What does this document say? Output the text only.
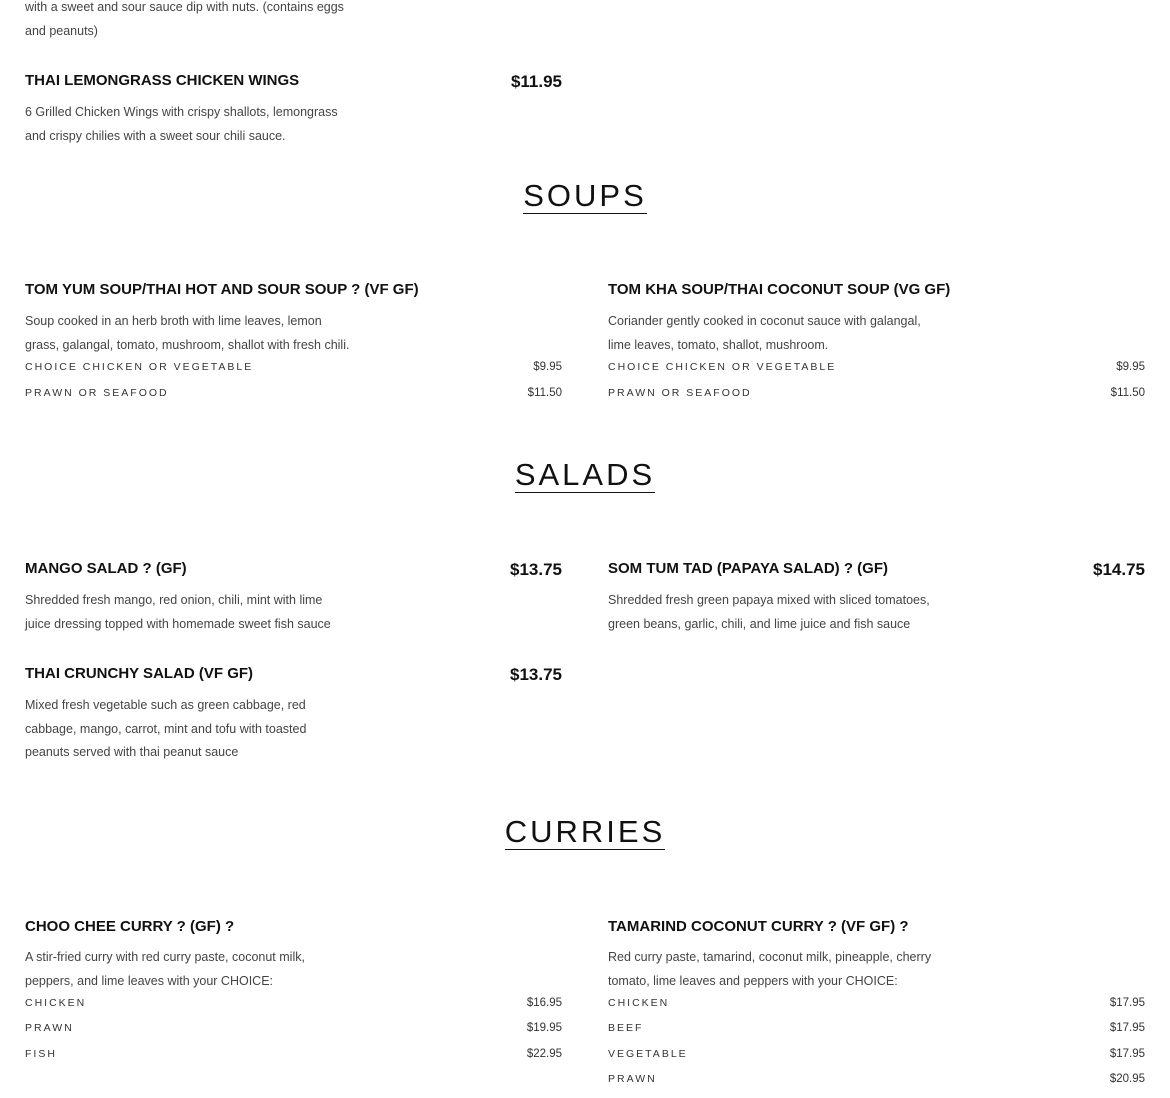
with a sweet and sour sauce dip with nuts. (contains eggs
and peanuts)
THAI LEMONGRASS CHICKEN WINGS	$11.95
6 Grilled Chicken Wings with crispy shallots, lemongrass
and crispy chilies with a sweet sour chili sauce.
SOUPS
TOM YUM SOUP/THAI HOT AND SOUR SOUP ? (VF GF)
Soup cooked in an herb broth with lime leaves, lemon
grass, galangal, tomato, mushroom, shallot with fresh chili.
CHOICE CHICKEN OR VEGETABLE	$9.95
PRAWN OR SEAFOOD	$11.50
TOM KHA SOUP/THAI COCONUT SOUP (VG GF)
Coriander gently cooked in coconut sauce with galangal,
lime leaves, tomato, shallot, mushroom.
CHOICE CHICKEN OR VEGETABLE	$9.95
PRAWN OR SEAFOOD	$11.50
SALADS
MANGO SALAD ? (GF)	$13.75
Shredded fresh mango, red onion, chili, mint with lime
juice dressing topped with homemade sweet fish sauce
SOM TUM TAD (PAPAYA SALAD) ? (GF)	$14.75
Shredded fresh green papaya mixed with sliced tomatoes,
green beans, garlic, chili, and lime juice and fish sauce
THAI CRUNCHY SALAD (VF GF)	$13.75
Mixed fresh vegetable such as green cabbage, red
cabbage, mango, carrot, mint and tofu with toasted
peanuts served with thai peanut sauce
CURRIES
CHOO CHEE CURRY ? (GF) ?
A stir-fried curry with red curry paste, coconut milk,
peppers, and lime leaves with your CHOICE:
CHICKEN	$16.95
PRAWN	$19.95
FISH	$22.95
TAMARIND COCONUT CURRY ? (VF GF) ?
Red curry paste, tamarind, coconut milk, pineapple, cherry
tomato, lime leaves and peppers with your CHOICE:
CHICKEN	$17.95
BEEF	$17.95
VEGETABLE	$17.95
PRAWN	$20.95
